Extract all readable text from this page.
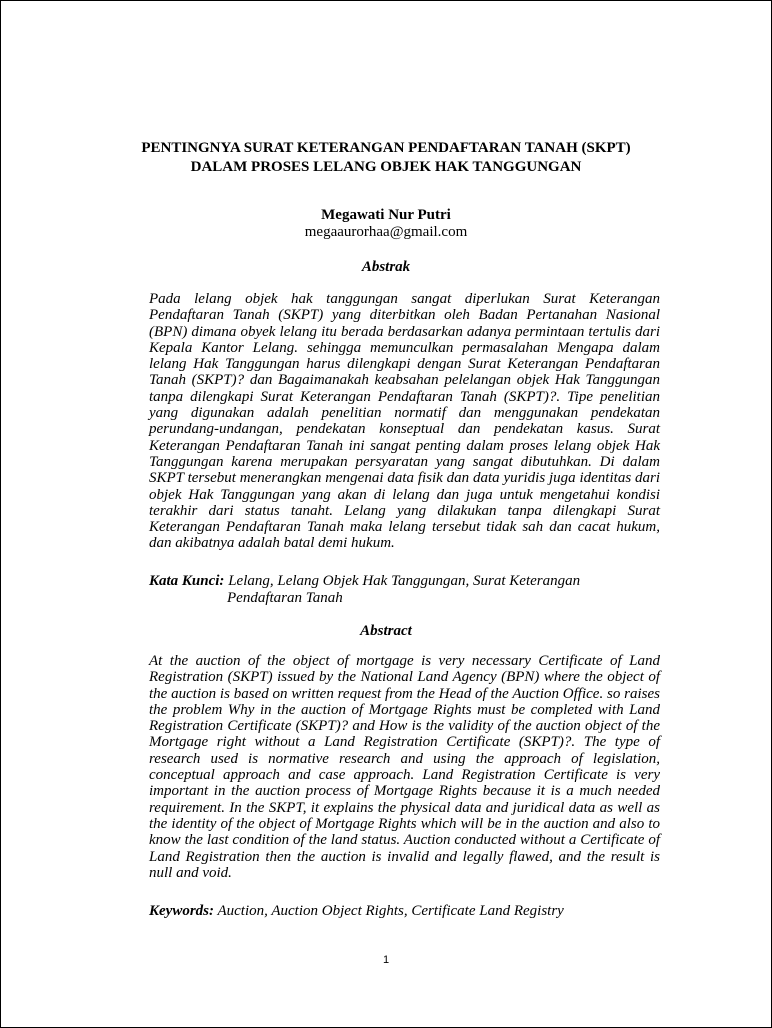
PENTINGNYA SURAT KETERANGAN PENDAFTARAN TANAH (SKPT)
DALAM PROSES LELANG OBJEK HAK TANGGUNGAN
Megawati Nur Putri
megaaurorhaa@gmail.com
Abstrak
Pada lelang objek hak tanggungan sangat diperlukan Surat Keterangan Pendaftaran Tanah (SKPT) yang diterbitkan oleh Badan Pertanahan Nasional (BPN) dimana obyek lelang itu berada berdasarkan adanya permintaan tertulis dari Kepala Kantor Lelang. sehingga memunculkan permasalahan Mengapa dalam lelang Hak Tanggungan harus dilengkapi dengan Surat Keterangan Pendaftaran Tanah (SKPT)? dan Bagaimanakah keabsahan pelelangan objek Hak Tanggungan tanpa dilengkapi Surat Keterangan Pendaftaran Tanah (SKPT)?. Tipe penelitian yang digunakan adalah penelitian normatif dan menggunakan pendekatan perundang-undangan, pendekatan konseptual dan pendekatan kasus. Surat Keterangan Pendaftaran Tanah ini sangat penting dalam proses lelang objek Hak Tanggungan karena merupakan persyaratan yang sangat dibutuhkan. Di dalam SKPT tersebut menerangkan mengenai data fisik dan data yuridis juga identitas dari objek Hak Tanggungan yang akan di lelang dan juga untuk mengetahui kondisi terakhir dari status tanaht. Lelang yang dilakukan tanpa dilengkapi Surat Keterangan Pendaftaran Tanah maka lelang tersebut tidak sah dan cacat hukum, dan akibatnya adalah batal demi hukum.
Kata Kunci: Lelang, Lelang Objek Hak Tanggungan, Surat Keterangan
Pendaftaran Tanah
Abstract
At the auction of the object of mortgage is very necessary Certificate of Land Registration (SKPT) issued by the National Land Agency (BPN) where the object of the auction is based on written request from the Head of the Auction Office. so raises the problem Why in the auction of Mortgage Rights must be completed with Land Registration Certificate (SKPT)? and How is the validity of the auction object of the Mortgage right without a Land Registration Certificate (SKPT)?. The type of research used is normative research and using the approach of legislation, conceptual approach and case approach. Land Registration Certificate is very important in the auction process of Mortgage Rights because it is a much needed requirement. In the SKPT, it explains the physical data and juridical data as well as the identity of the object of Mortgage Rights which will be in the auction and also to know the last condition of the land status. Auction conducted without a Certificate of Land Registration then the auction is invalid and legally flawed, and the result is null and void.
Keywords: Auction, Auction Object Rights, Certificate Land Registry
1
